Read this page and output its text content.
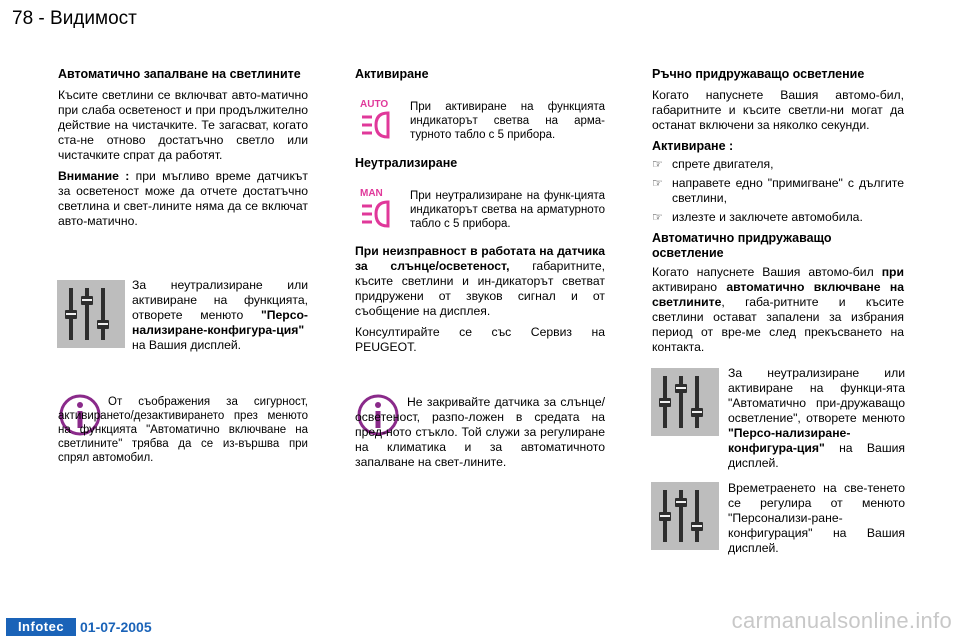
78 - Видимост
Автоматично запалване на светлините

Късите светлини се включват авто-матично при слаба осветеност и при продължително действие на чистачките. Те загасват, когато ста-не отново достатъчно светло или чистачките спрат да работят.

Внимание : при мъгливо време датчикът за осветеност може да отчете достатъчно светлина и свет-лините няма да се включат авто-матично.

За неутрализиране или активиране на функцията, отворете менюто "Персо-нализиране-конфигура-ция" на Вашия дисплей.

От съображения за сигурност, активирането/дезактивирането през менюто на функцията "Автоматично включване на светлините" трябва да се из-вършва при спрял автомобил.

Активиране
AUTO При активиране на функцията индикаторът светва на арма-турното табло с 5 прибора.

Неутрализиране
MAN При неутрализиране на функ-цията индикаторът светва на арматурното табло с 5 прибора.

При неизправност в работата на датчика за слънце/осветеност, габаритните, късите светлини и ин-дикаторът светват придружени от звуков сигнал и от съобщение на дисплея.

Консултирайте се със Сервиз на PEUGEOT.

Не закривайте датчика за слънце/осветеност, разпо-ложен в средата на пред-ното стъкло. Той служи за регулиране на климатика и за автоматичното запалване на свет-лините.

Ръчно придружаващо осветление

Когато напуснете Вашия автомо-бил, габаритните и късите светли-ни могат да останат включени за няколко секунди.

Активиране :
☞ спрете двигателя,
☞ направете едно "примигване" с дългите светлини,
☞ излезте и заключете автомобила.
Автоматично придружаващо осветление

Когато напуснете Вашия автомо-бил при активирано автоматично включване на светлините, габа-ритните и късите светлини остават запалени за избрания период от вре-ме след прекъсването на контакта.

За неутрализиране или активиране на функци-ята "Автоматично при-дружаващо осветление", отворете менюто "Персо-нализиране-конфигура-ция" на Вашия дисплей.

Времетраенето на све-тенето се регулира от менюто "Персонализи-ране-конфигурация" на Вашия дисплей.

Infotec	01-07-2005	carmanualsonline.info
